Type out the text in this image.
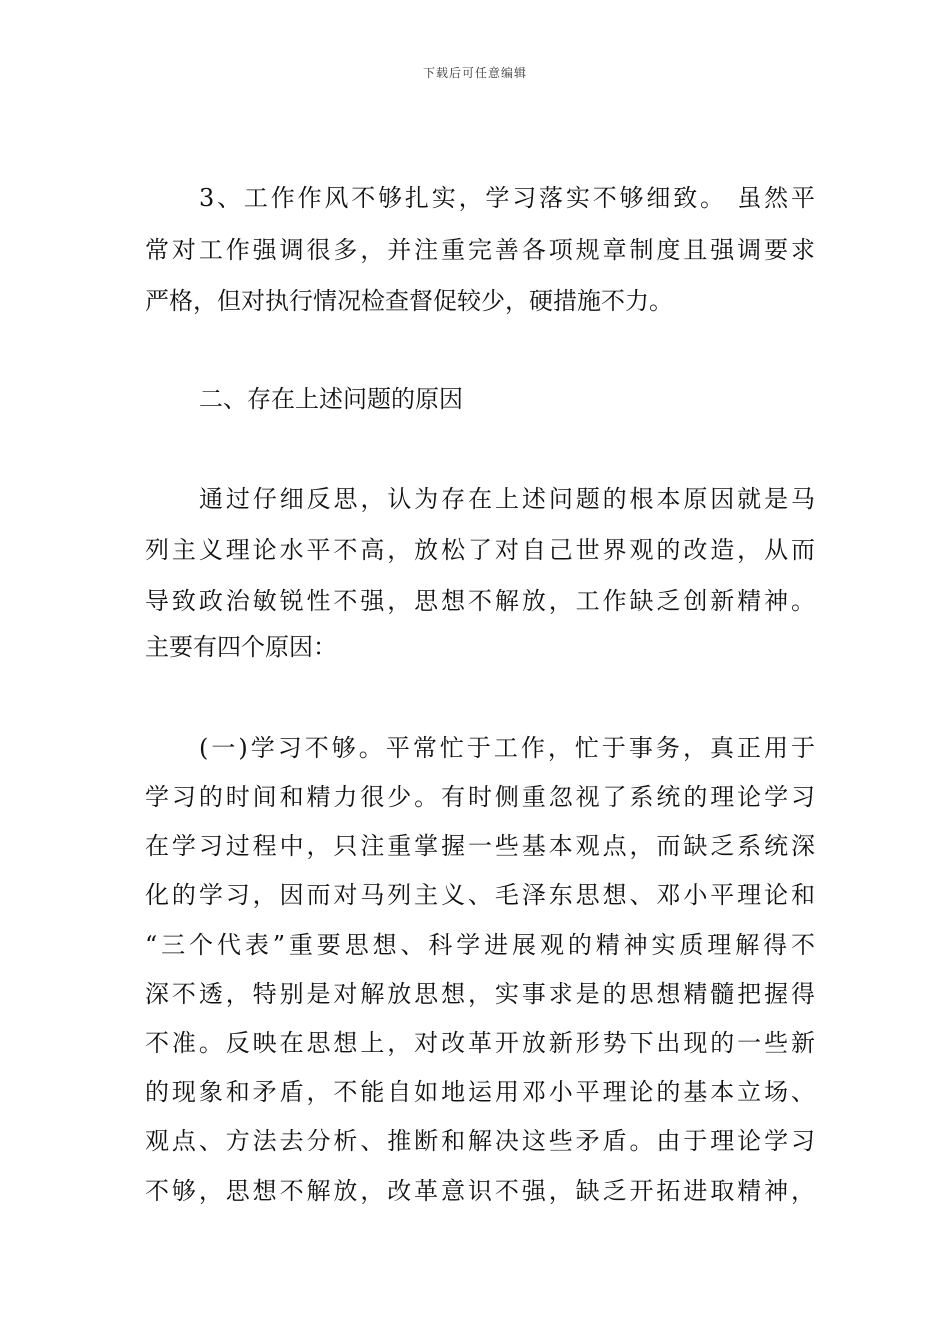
下载后可任意编辑
3、工作作风不够扎实，学习落实不够细致。 虽然平
常对工作强调很多，并注重完善各项规章制度且强调要求
严格，但对执行情况检查督促较少，硬措施不力。
二、存在上述问题的原因
通过仔细反思，认为存在上述问题的根本原因就是马
列主义理论水平不高，放松了对自己世界观的改造，从而
导致政治敏锐性不强，思想不解放，工作缺乏创新精神。
主要有四个原因：
(一)学习不够。平常忙于工作，忙于事务，真正用于
学习的时间和精力很少。有时侧重忽视了系统的理论学习
在学习过程中，只注重掌握一些基本观点，而缺乏系统深
化的学习，因而对马列主义、毛泽东思想、邓小平理论和
“三个代表”重要思想、科学进展观的精神实质理解得不
深不透，特别是对解放思想，实事求是的思想精髓把握得
不准。反映在思想上，对改革开放新形势下出现的一些新
的现象和矛盾，不能自如地运用邓小平理论的基本立场、
观点、方法去分析、推断和解决这些矛盾。由于理论学习
不够，思想不解放，改革意识不强，缺乏开拓进取精神，
